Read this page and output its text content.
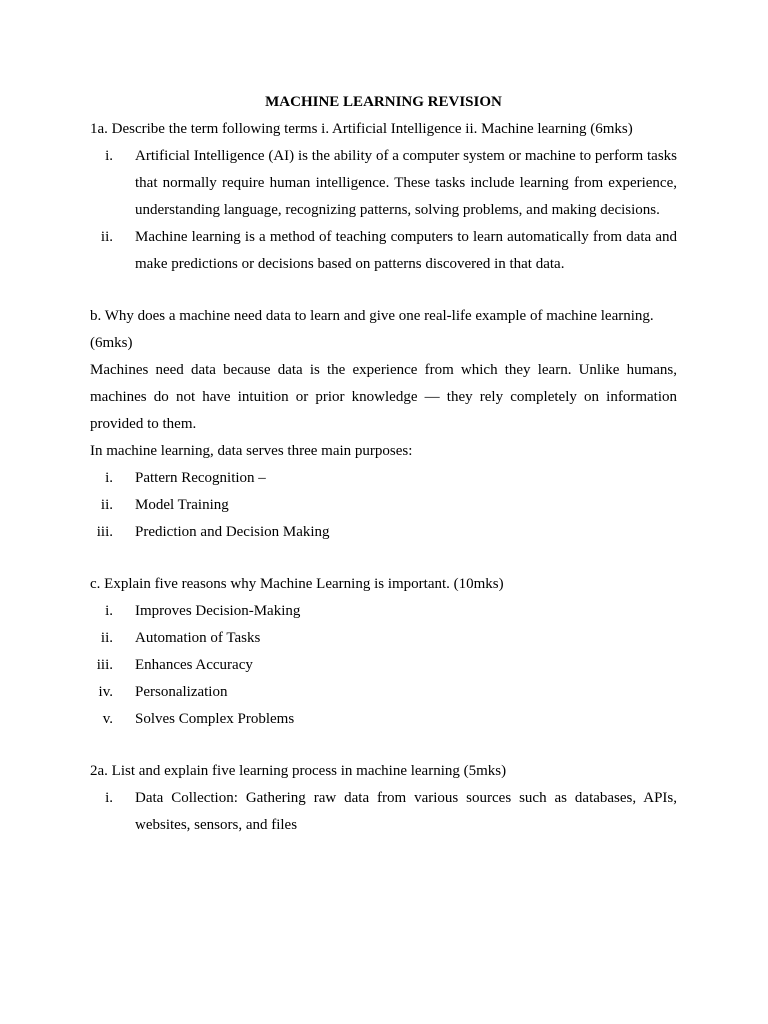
MACHINE LEARNING REVISION

1a. Describe the term following terms i. Artificial Intelligence ii. Machine learning (6mks)

i. Artificial Intelligence (AI) is the ability of a computer system or machine to perform tasks that normally require human intelligence. These tasks include learning from experience, understanding language, recognizing patterns, solving problems, and making decisions.
ii. Machine learning is a method of teaching computers to learn automatically from data and make predictions or decisions based on patterns discovered in that data.

b. Why does a machine need data to learn and give one real-life example of machine learning. (6mks)

Machines need data because data is the experience from which they learn. Unlike humans, machines do not have intuition or prior knowledge — they rely completely on information provided to them.

In machine learning, data serves three main purposes:

i. Pattern Recognition –
ii. Model Training
iii. Prediction and Decision Making

c. Explain five reasons why Machine Learning is important. (10mks)

i. Improves Decision-Making
ii. Automation of Tasks
iii. Enhances Accuracy
iv. Personalization
v. Solves Complex Problems

2a. List and explain five learning process in machine learning (5mks)

i. Data Collection: Gathering raw data from various sources such as databases, APIs, websites, sensors, and files
